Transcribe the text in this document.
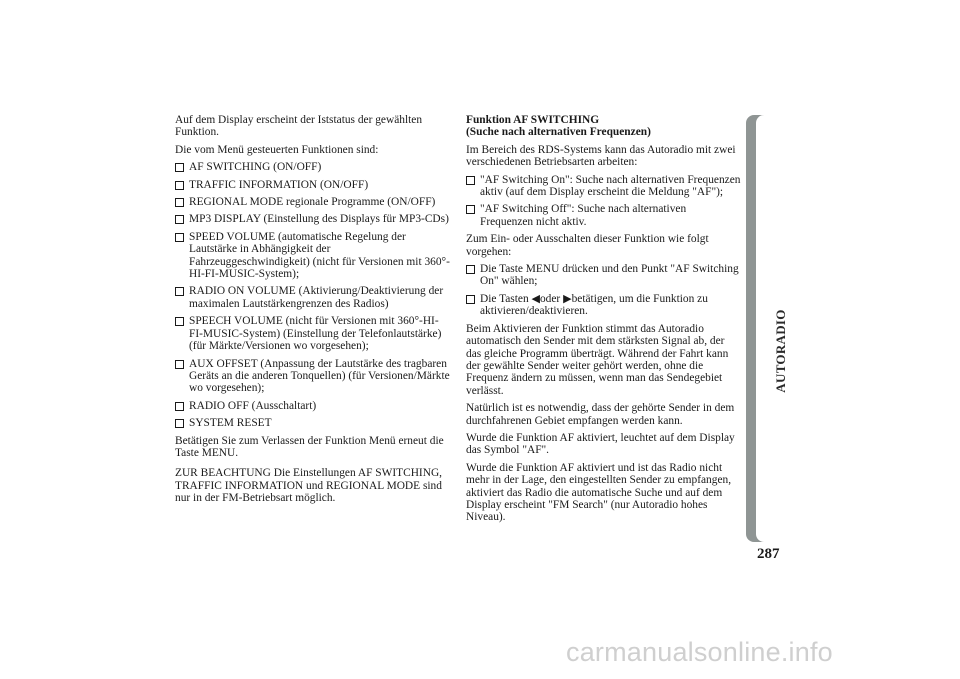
Auf dem Display erscheint der Iststatus der gewählten Funktion.

Die vom Menü gesteuerten Funktionen sind:

AF SWITCHING (ON/OFF)
TRAFFIC INFORMATION (ON/OFF)
REGIONAL MODE regionale Programme (ON/OFF)
MP3 DISPLAY (Einstellung des Displays für MP3-CDs)
SPEED VOLUME (automatische Regelung der Lautstärke in Abhängigkeit der Fahrzeuggeschwindigkeit) (nicht für Versionen mit 360°-HI-FI-MUSIC-System);
RADIO ON VOLUME (Aktivierung/Deaktivierung der maximalen Lautstärkengrenzen des Radios)
SPEECH VOLUME (nicht für Versionen mit 360°-HI-FI-MUSIC-System) (Einstellung der Telefonlautstärke) (für Märkte/Versionen wo vorgesehen);
AUX OFFSET (Anpassung der Lautstärke des tragbaren Geräts an die anderen Tonquellen) (für Versionen/Märkte wo vorgesehen);
RADIO OFF (Ausschaltart)
SYSTEM RESET

Betätigen Sie zum Verlassen der Funktion Menü erneut die Taste MENU.

ZUR BEACHTUNG Die Einstellungen AF SWITCHING, TRAFFIC INFORMATION und REGIONAL MODE sind nur in der FM-Betriebsart möglich.

Funktion AF SWITCHING
(Suche nach alternativen Frequenzen)

Im Bereich des RDS-Systems kann das Autoradio mit zwei verschiedenen Betriebsarten arbeiten:

"AF Switching On": Suche nach alternativen Frequenzen aktiv (auf dem Display erscheint die Meldung "AF");
"AF Switching Off": Suche nach alternativen Frequenzen nicht aktiv.

Zum Ein- oder Ausschalten dieser Funktion wie folgt vorgehen:

Die Taste MENU drücken und den Punkt "AF Switching On" wählen;
Die Tasten ◀oder ▶betätigen, um die Funktion zu aktivieren/deaktivieren.

Beim Aktivieren der Funktion stimmt das Autoradio automatisch den Sender mit dem stärksten Signal ab, der das gleiche Programm überträgt. Während der Fahrt kann der gewählte Sender weiter gehört werden, ohne die Frequenz ändern zu müssen, wenn man das Sendegebiet verlässt.

Natürlich ist es notwendig, dass der gehörte Sender in dem durchfahrenen Gebiet empfangen werden kann.

Wurde die Funktion AF aktiviert, leuchtet auf dem Display das Symbol "AF".

Wurde die Funktion AF aktiviert und ist das Radio nicht mehr in der Lage, den eingestellten Sender zu empfangen, aktiviert das Radio die automatische Suche und auf dem Display erscheint "FM Search" (nur Autoradio hohes Niveau).

AUTORADIO
287
carmanualsonline.info
